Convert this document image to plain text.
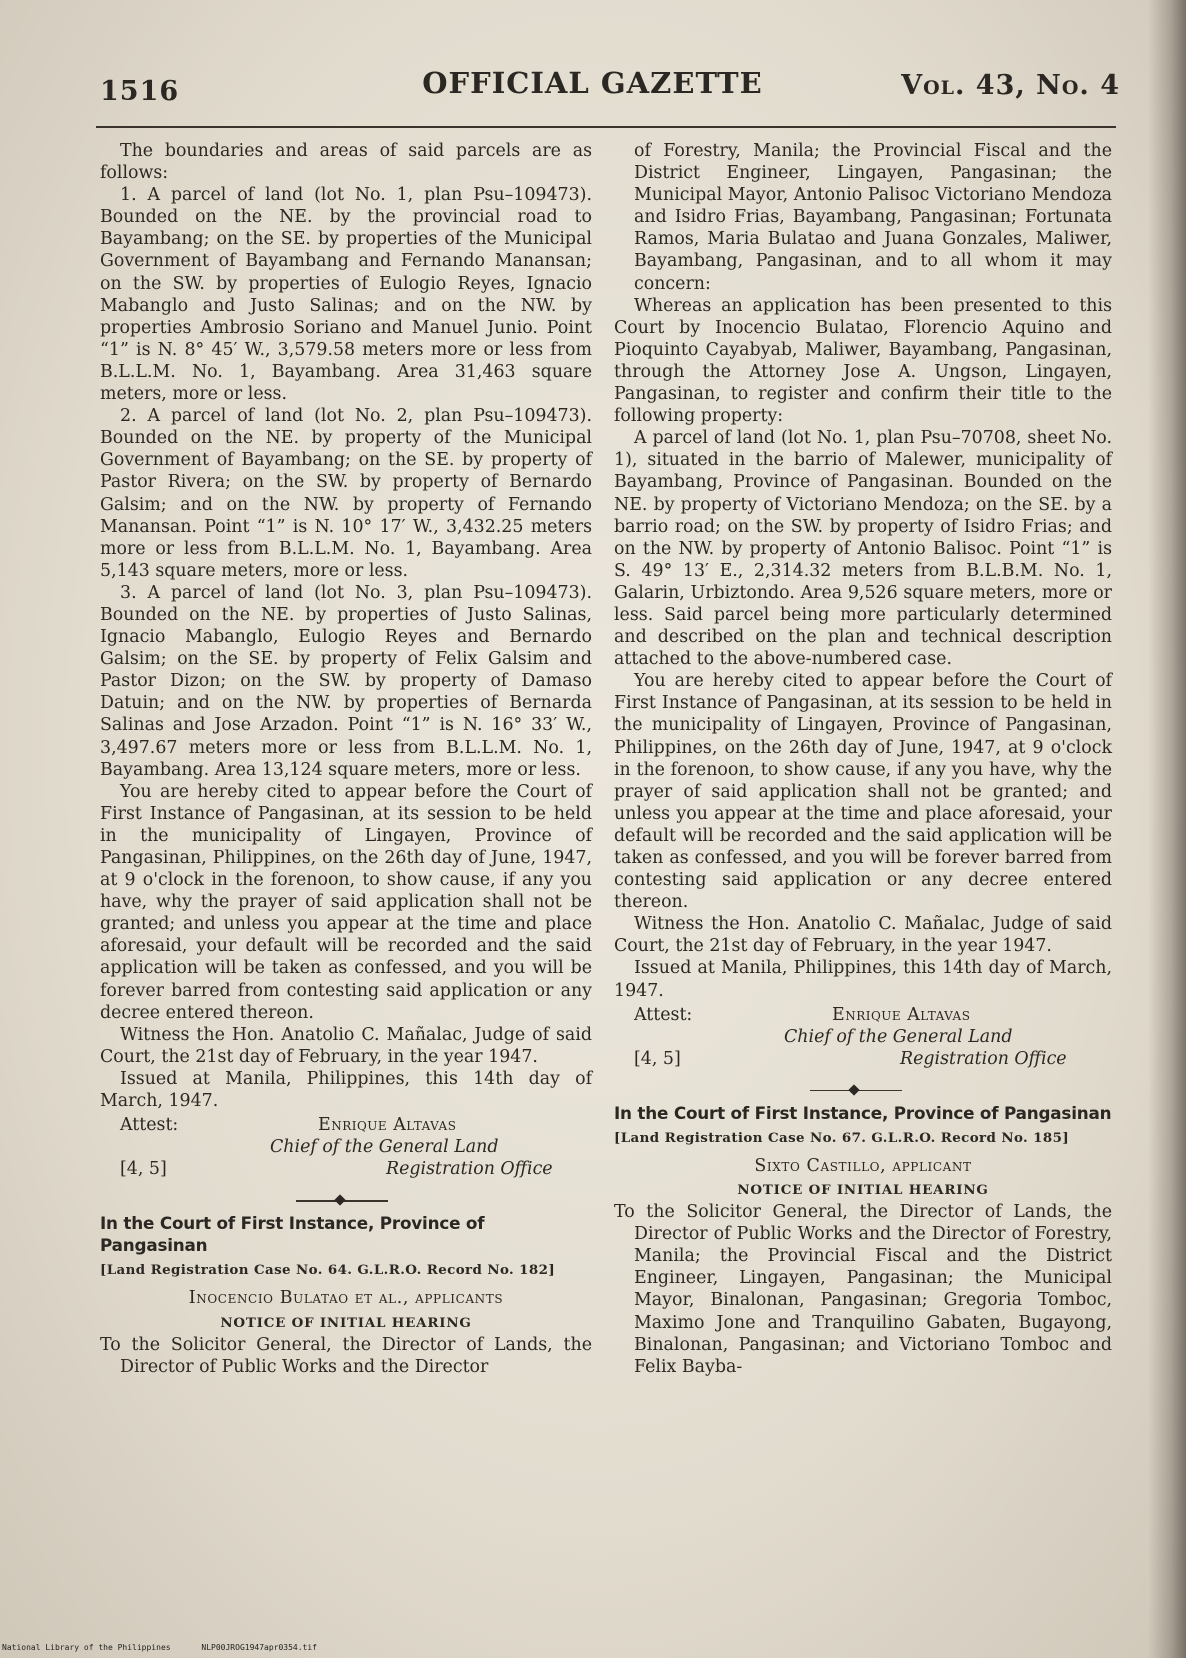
1516	OFFICIAL GAZETTE	Vol. 43, No. 4

The boundaries and areas of said parcels are as follows:

1. A parcel of land (lot No. 1, plan Psu–109473). Bounded on the NE. by the provincial road to Bayambang; on the SE. by properties of the Municipal Government of Bayambang and Fernando Manansan; on the SW. by properties of Eulogio Reyes, Ignacio Mabanglo and Justo Salinas; and on the NW. by properties Ambrosio Soriano and Manuel Junio. Point “1” is N. 8° 45′ W., 3,579.58 meters more or less from B.L.L.M. No. 1, Bayambang. Area 31,463 square meters, more or less.

2. A parcel of land (lot No. 2, plan Psu–109473). Bounded on the NE. by property of the Municipal Government of Bayambang; on the SE. by property of Pastor Rivera; on the SW. by property of Bernardo Galsim; and on the NW. by property of Fernando Manansan. Point “1” is N. 10° 17′ W., 3,432.25 meters more or less from B.L.L.M. No. 1, Bayambang. Area 5,143 square meters, more or less.

3. A parcel of land (lot No. 3, plan Psu–109473). Bounded on the NE. by properties of Justo Salinas, Ignacio Mabanglo, Eulogio Reyes and Bernardo Galsim; on the SE. by property of Felix Galsim and Pastor Dizon; on the SW. by property of Damaso Datuin; and on the NW. by properties of Bernarda Salinas and Jose Arzadon. Point “1” is N. 16° 33′ W., 3,497.67 meters more or less from B.L.L.M. No. 1, Bayambang. Area 13,124 square meters, more or less.

You are hereby cited to appear before the Court of First Instance of Pangasinan, at its session to be held in the municipality of Lingayen, Province of Pangasinan, Philippines, on the 26th day of June, 1947, at 9 o'clock in the forenoon, to show cause, if any you have, why the prayer of said application shall not be granted; and unless you appear at the time and place aforesaid, your default will be recorded and the said application will be taken as confessed, and you will be forever barred from contesting said application or any decree entered thereon.

Witness the Hon. Anatolio C. Mañalac, Judge of said Court, the 21st day of February, in the year 1947.

Issued at Manila, Philippines, this 14th day of March, 1947.

Attest:	Enrique Altavas
Chief of the General Land
[4, 5]	Registration Office

In the Court of First Instance, Province of Pangasinan

[Land Registration Case No. 64. G.L.R.O. Record No. 182]

Inocencio Bulatao et al., applicants

NOTICE OF INITIAL HEARING

To the Solicitor General, the Director of Lands, the Director of Public Works and the Director

of Forestry, Manila; the Provincial Fiscal and the District Engineer, Lingayen, Pangasinan; the Municipal Mayor, Antonio Palisoc Victoriano Mendoza and Isidro Frias, Bayambang, Pangasinan; Fortunata Ramos, Maria Bulatao and Juana Gonzales, Maliwer, Bayambang, Pangasinan, and to all whom it may concern:

Whereas an application has been presented to this Court by Inocencio Bulatao, Florencio Aquino and Pioquinto Cayabyab, Maliwer, Bayambang, Pangasinan, through the Attorney Jose A. Ungson, Lingayen, Pangasinan, to register and confirm their title to the following property:

A parcel of land (lot No. 1, plan Psu–70708, sheet No. 1), situated in the barrio of Malewer, municipality of Bayambang, Province of Pangasinan. Bounded on the NE. by property of Victoriano Mendoza; on the SE. by a barrio road; on the SW. by property of Isidro Frias; and on the NW. by property of Antonio Balisoc. Point “1” is S. 49° 13′ E., 2,314.32 meters from B.L.B.M. No. 1, Galarin, Urbiztondo. Area 9,526 square meters, more or less. Said parcel being more particularly determined and described on the plan and technical description attached to the above-numbered case.

You are hereby cited to appear before the Court of First Instance of Pangasinan, at its session to be held in the municipality of Lingayen, Province of Pangasinan, Philippines, on the 26th day of June, 1947, at 9 o'clock in the forenoon, to show cause, if any you have, why the prayer of said application shall not be granted; and unless you appear at the time and place aforesaid, your default will be recorded and the said application will be taken as confessed, and you will be forever barred from contesting said application or any decree entered thereon.

Witness the Hon. Anatolio C. Mañalac, Judge of said Court, the 21st day of February, in the year 1947.

Issued at Manila, Philippines, this 14th day of March, 1947.

Attest:	Enrique Altavas
Chief of the General Land
[4, 5]	Registration Office

In the Court of First Instance, Province of Pangasinan

[Land Registration Case No. 67. G.L.R.O. Record No. 185]

Sixto Castillo, applicant

NOTICE OF INITIAL HEARING

To the Solicitor General, the Director of Lands, the Director of Public Works and the Director of Forestry, Manila; the Provincial Fiscal and the District Engineer, Lingayen, Pangasinan; the Municipal Mayor, Binalonan, Pangasinan; Gregoria Tomboc, Maximo Jone and Tranquilino Gabaten, Bugayong, Binalonan, Pangasinan; and Victoriano Tomboc and Felix Bayba-

National Library of the Philippines	NLP00JROG1947apr0354.tif
